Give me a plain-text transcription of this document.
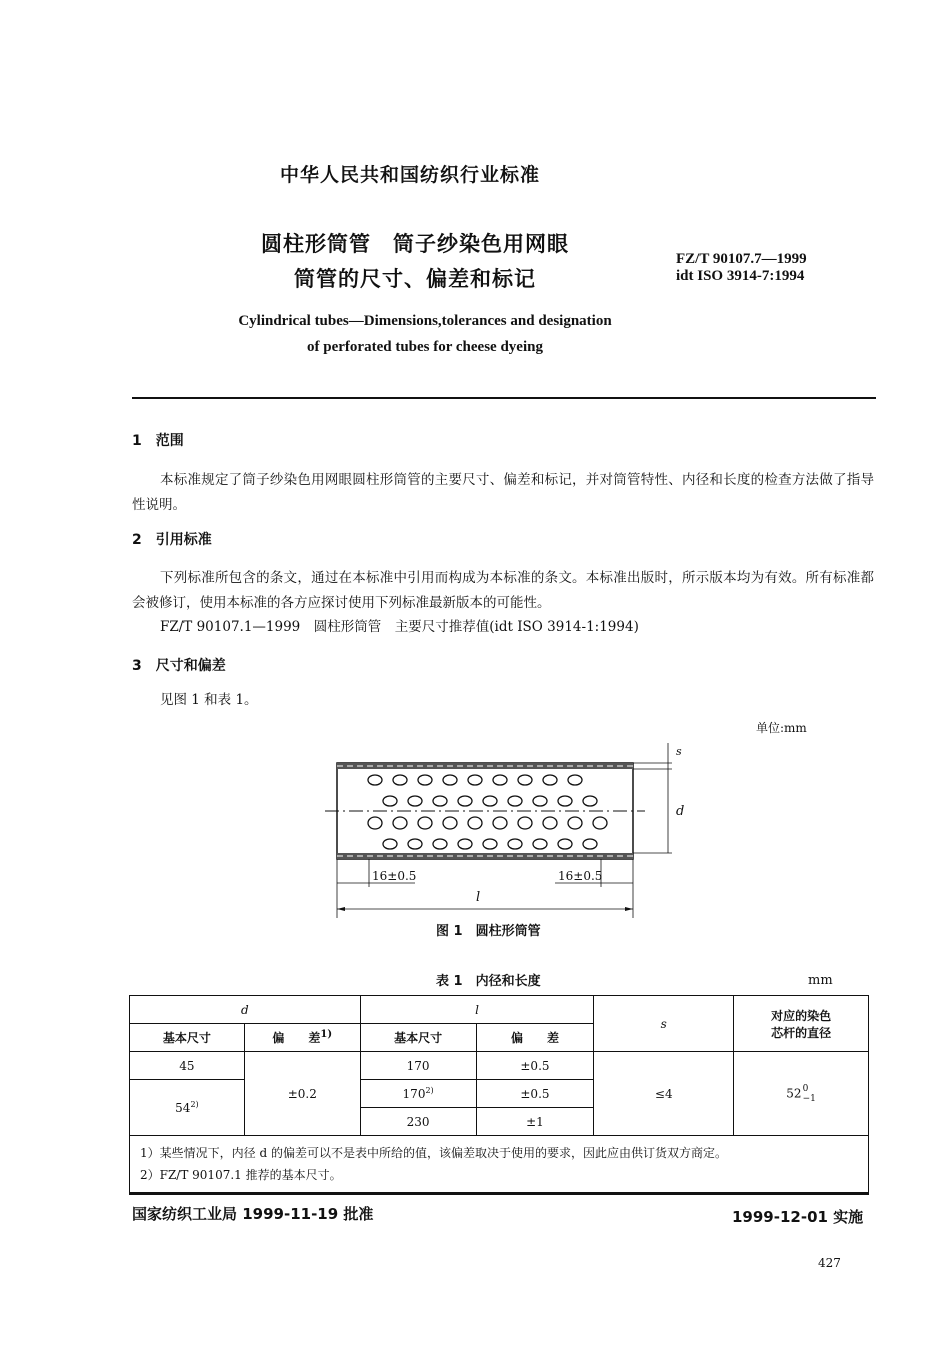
中华人民共和国纺织行业标准
圆柱形筒管　筒子纱染色用网眼
筒管的尺寸、偏差和标记
FZ/T 90107.7—1999
idt ISO 3914-7:1994
Cylindrical tubes—Dimensions,tolerances and designation
of perforated tubes for cheese dyeing
1　范围
本标准规定了筒子纱染色用网眼圆柱形筒管的主要尺寸、偏差和标记，并对筒管特性、内径和长度的检查方法做了指导性说明。
2　引用标准
下列标准所包含的条文，通过在本标准中引用而构成为本标准的条文。本标准出版时，所示版本均为有效。所有标准都会被修订，使用本标准的各方应探讨使用下列标准最新版本的可能性。
FZ/T 90107.1—1999　圆柱形筒管　主要尺寸推荐值(idt ISO 3914-1:1994)
3　尺寸和偏差
见图 1 和表 1。
单位:mm
16±0.5	16±0.5
l
d
s
图 1　圆柱形筒管
表 1　内径和长度	mm
d		l		s	对应的染色
芯杆的直径

基本尺寸	偏　　差$^{1)}$	基本尺寸	偏　　差		
45	±0.2	170	±0.5	≤4	52 0
−1

54$^{2)}$		$170^{2)}$	±0.5		
		230	±1		

1）某些情况下，内径 d 的偏差可以不是表中所给的值，该偏差取决于使用的要求，因此应由供订货双方商定。
2）FZ/T 90107.1 推荐的基本尺寸。					
国家纺织工业局 1999-11-19 批准	1999-12-01 实施
427
